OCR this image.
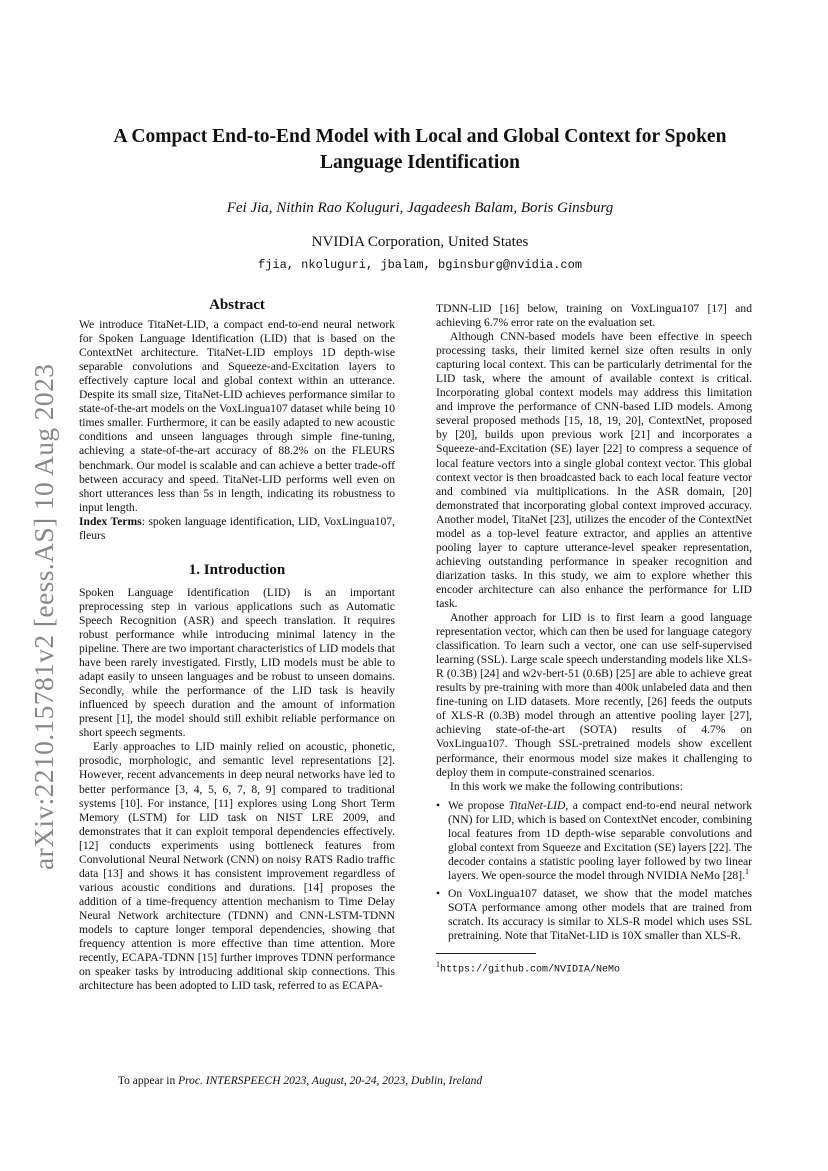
arXiv:2210.15781v2 [eess.AS] 10 Aug 2023
A Compact End-to-End Model with Local and Global Context for Spoken Language Identification
Fei Jia, Nithin Rao Koluguri, Jagadeesh Balam, Boris Ginsburg
NVIDIA Corporation, United States
fjia, nkoluguri, jbalam, bginsburg@nvidia.com
Abstract

We introduce TitaNet-LID, a compact end-to-end neural network for Spoken Language Identification (LID) that is based on the ContextNet architecture. TitaNet-LID employs 1D depth-wise separable convolutions and Squeeze-and-Excitation layers to effectively capture local and global context within an utterance. Despite its small size, TitaNet-LID achieves performance similar to state-of-the-art models on the VoxLingua107 dataset while being 10 times smaller. Furthermore, it can be easily adapted to new acoustic conditions and unseen languages through simple fine-tuning, achieving a state-of-the-art accuracy of 88.2% on the FLEURS benchmark. Our model is scalable and can achieve a better trade-off between accuracy and speed. TitaNet-LID performs well even on short utterances less than 5s in length, indicating its robustness to input length.

Index Terms: spoken language identification, LID, VoxLingua107, fleurs

1. Introduction

Spoken Language Identification (LID) is an important preprocessing step in various applications such as Automatic Speech Recognition (ASR) and speech translation. It requires robust performance while introducing minimal latency in the pipeline. There are two important characteristics of LID models that have been rarely investigated. Firstly, LID models must be able to adapt easily to unseen languages and be robust to unseen domains. Secondly, while the performance of the LID task is heavily influenced by speech duration and the amount of information present [1], the model should still exhibit reliable performance on short speech segments.

Early approaches to LID mainly relied on acoustic, phonetic, prosodic, morphologic, and semantic level representations [2]. However, recent advancements in deep neural networks have led to better performance [3, 4, 5, 6, 7, 8, 9] compared to traditional systems [10]. For instance, [11] explores using Long Short Term Memory (LSTM) for LID task on NIST LRE 2009, and demonstrates that it can exploit temporal dependencies effectively. [12] conducts experiments using bottleneck features from Convolutional Neural Network (CNN) on noisy RATS Radio traffic data [13] and shows it has consistent improvement regardless of various acoustic conditions and durations. [14] proposes the addition of a time-frequency attention mechanism to Time Delay Neural Network architecture (TDNN) and CNN-LSTM-TDNN models to capture longer temporal dependencies, showing that frequency attention is more effective than time attention. More recently, ECAPA-TDNN [15] further improves TDNN performance on speaker tasks by introducing additional skip connections. This architecture has been adopted to LID task, referred to as ECAPA-

TDNN-LID [16] below, training on VoxLingua107 [17] and achieving 6.7% error rate on the evaluation set.

Although CNN-based models have been effective in speech processing tasks, their limited kernel size often results in only capturing local context. This can be particularly detrimental for the LID task, where the amount of available context is critical. Incorporating global context models may address this limitation and improve the performance of CNN-based LID models. Among several proposed methods [15, 18, 19, 20], ContextNet, proposed by [20], builds upon previous work [21] and incorporates a Squeeze-and-Excitation (SE) layer [22] to compress a sequence of local feature vectors into a single global context vector. This global context vector is then broadcasted back to each local feature vector and combined via multiplications. In the ASR domain, [20] demonstrated that incorporating global context improved accuracy. Another model, TitaNet [23], utilizes the encoder of the ContextNet model as a top-level feature extractor, and applies an attentive pooling layer to capture utterance-level speaker representation, achieving outstanding performance in speaker recognition and diarization tasks. In this study, we aim to explore whether this encoder architecture can also enhance the performance for LID task.

Another approach for LID is to first learn a good language representation vector, which can then be used for language category classification. To learn such a vector, one can use self-supervised learning (SSL). Large scale speech understanding models like XLS-R (0.3B) [24] and w2v-bert-51 (0.6B) [25] are able to achieve great results by pre-training with more than 400k unlabeled data and then fine-tuning on LID datasets. More recently, [26] feeds the outputs of XLS-R (0.3B) model through an attentive pooling layer [27], achieving state-of-the-art (SOTA) results of 4.7% on VoxLingua107. Though SSL-pretrained models show excellent performance, their enormous model size makes it challenging to deploy them in compute-constrained scenarios.

In this work we make the following contributions:

• We propose TitaNet-LID, a compact end-to-end neural network (NN) for LID, which is based on ContextNet encoder, combining local features from 1D depth-wise separable convolutions and global context from Squeeze and Excitation (SE) layers [22]. The decoder contains a statistic pooling layer followed by two linear layers. We open-source the model through NVIDIA NeMo [28].$^1$
• On VoxLingua107 dataset, we show that the model matches SOTA performance among other models that are trained from scratch. Its accuracy is similar to XLS-R model which uses SSL pretraining. Note that TitaNet-LID is 10X smaller than XLS-R.
$^1$https://github.com/NVIDIA/NeMo
To appear in Proc. INTERSPEECH 2023, August, 20-24, 2023, Dublin, Ireland
